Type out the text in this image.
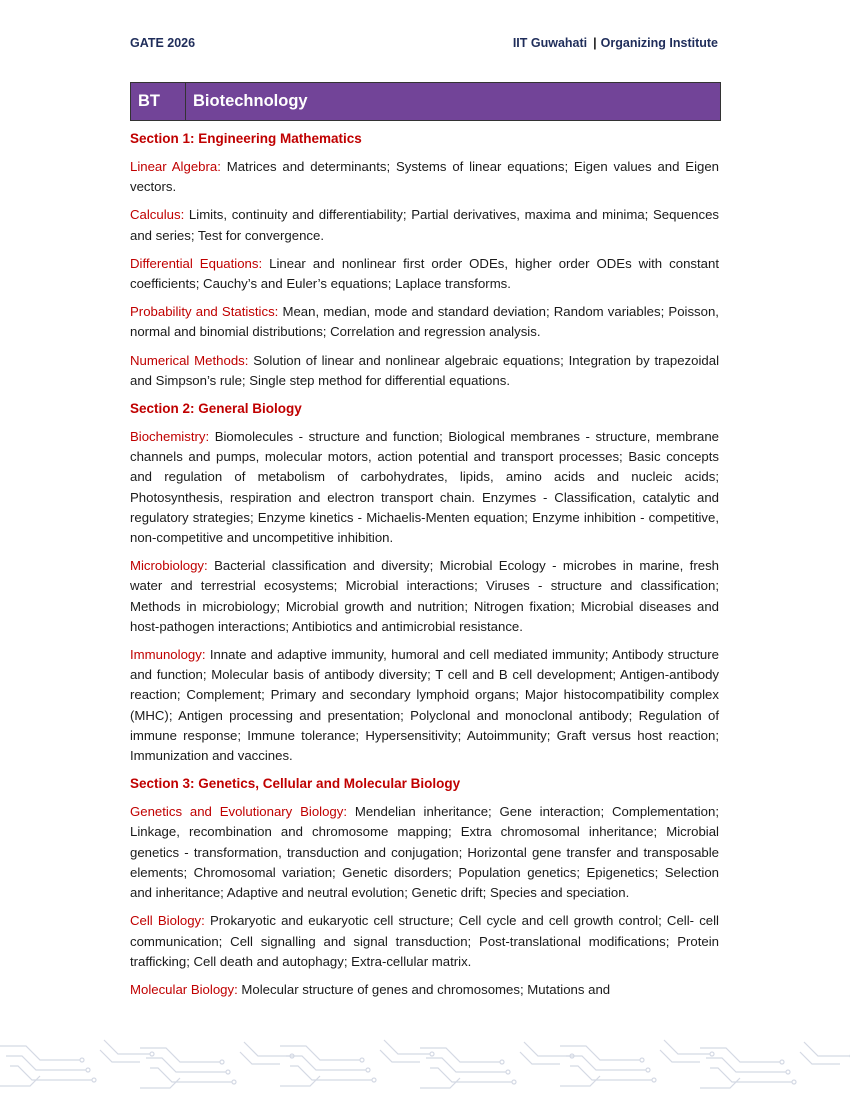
GATE 2026	IIT Guwahati | Organizing Institute
BT	Biotechnology
Section 1: Engineering Mathematics

Linear Algebra: Matrices and determinants; Systems of linear equations; Eigen values and Eigen vectors.

Calculus: Limits, continuity and differentiability; Partial derivatives, maxima and minima; Sequences and series; Test for convergence.

Differential Equations: Linear and nonlinear first order ODEs, higher order ODEs with constant coefficients; Cauchy’s and Euler’s equations; Laplace transforms.

Probability and Statistics: Mean, median, mode and standard deviation; Random variables; Poisson, normal and binomial distributions; Correlation and regression analysis.

Numerical Methods: Solution of linear and nonlinear algebraic equations; Integration by trapezoidal and Simpson’s rule; Single step method for differential equations.

Section 2: General Biology

Biochemistry: Biomolecules - structure and function; Biological membranes - structure, membrane channels and pumps, molecular motors, action potential and transport processes; Basic concepts and regulation of metabolism of carbohydrates, lipids, amino acids and nucleic acids; Photosynthesis, respiration and electron transport chain. Enzymes - Classification, catalytic and regulatory strategies; Enzyme kinetics - Michaelis-Menten equation; Enzyme inhibition - competitive, non-competitive and uncompetitive inhibition.

Microbiology: Bacterial classification and diversity; Microbial Ecology - microbes in marine, fresh water and terrestrial ecosystems; Microbial interactions; Viruses - structure and classification; Methods in microbiology; Microbial growth and nutrition; Nitrogen fixation; Microbial diseases and host-pathogen interactions; Antibiotics and antimicrobial resistance.

Immunology: Innate and adaptive immunity, humoral and cell mediated immunity; Antibody structure and function; Molecular basis of antibody diversity; T cell and B cell development; Antigen-antibody reaction; Complement; Primary and secondary lymphoid organs; Major histocompatibility complex (MHC); Antigen processing and presentation; Polyclonal and monoclonal antibody; Regulation of immune response; Immune tolerance; Hypersensitivity; Autoimmunity; Graft versus host reaction; Immunization and vaccines.

Section 3: Genetics, Cellular and Molecular Biology

Genetics and Evolutionary Biology: Mendelian inheritance; Gene interaction; Complementation; Linkage, recombination and chromosome mapping; Extra chromosomal inheritance; Microbial genetics - transformation, transduction and conjugation; Horizontal gene transfer and transposable elements; Chromosomal variation; Genetic disorders; Population genetics; Epigenetics; Selection and inheritance; Adaptive and neutral evolution; Genetic drift; Species and speciation.

Cell Biology: Prokaryotic and eukaryotic cell structure; Cell cycle and cell growth control; Cell- cell communication; Cell signalling and signal transduction; Post-translational modifications; Protein trafficking; Cell death and autophagy; Extra-cellular matrix.

Molecular Biology: Molecular structure of genes and chromosomes; Mutations and
